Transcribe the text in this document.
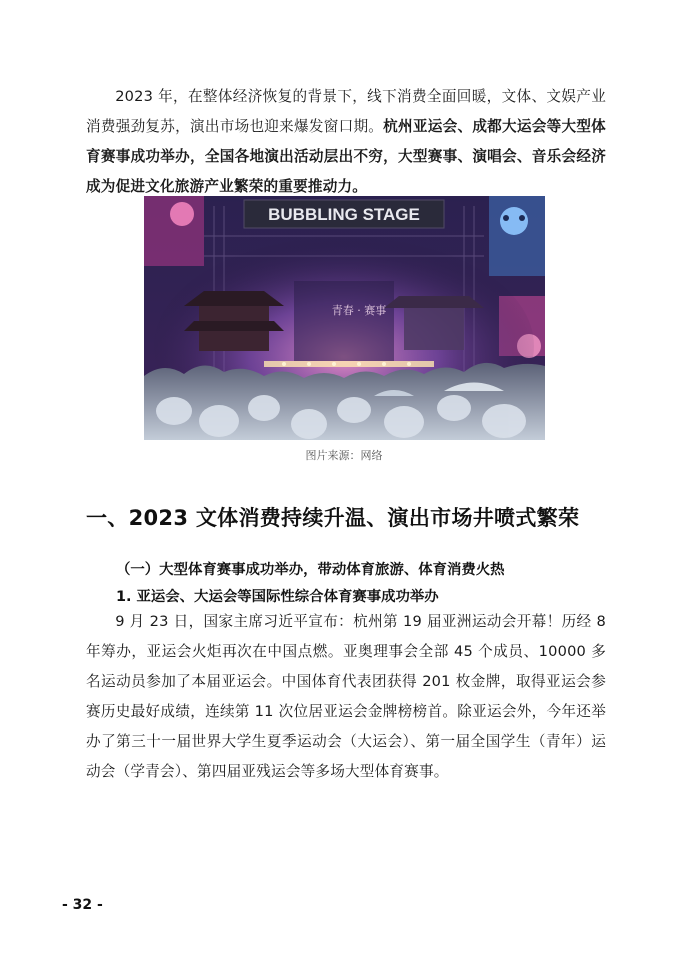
2023 年，在整体经济恢复的背景下，线下消费全面回暖，文体、文娱产业消费强劲复苏，演出市场也迎来爆发窗口期。杭州亚运会、成都大运会等大型体育赛事成功举办，全国各地演出活动层出不穷，大型赛事、演唱会、音乐会经济成为促进文化旅游产业繁荣的重要推动力。
BUBBLING STAGE
青春 · 赛事
图片来源：网络
一、2023 文体消费持续升温、演出市场井喷式繁荣
（一）大型体育赛事成功举办，带动体育旅游、体育消费火热
1. 亚运会、大运会等国际性综合体育赛事成功举办
9 月 23 日，国家主席习近平宣布：杭州第 19 届亚洲运动会开幕！历经 8 年筹办，亚运会火炬再次在中国点燃。亚奥理事会全部 45 个成员、10000 多名运动员参加了本届亚运会。中国体育代表团获得 201 枚金牌，取得亚运会参赛历史最好成绩，连续第 11 次位居亚运会金牌榜榜首。除亚运会外，今年还举办了第三十一届世界大学生夏季运动会（大运会）、第一届全国学生（青年）运动会（学青会）、第四届亚残运会等多场大型体育赛事。
- 32 -
